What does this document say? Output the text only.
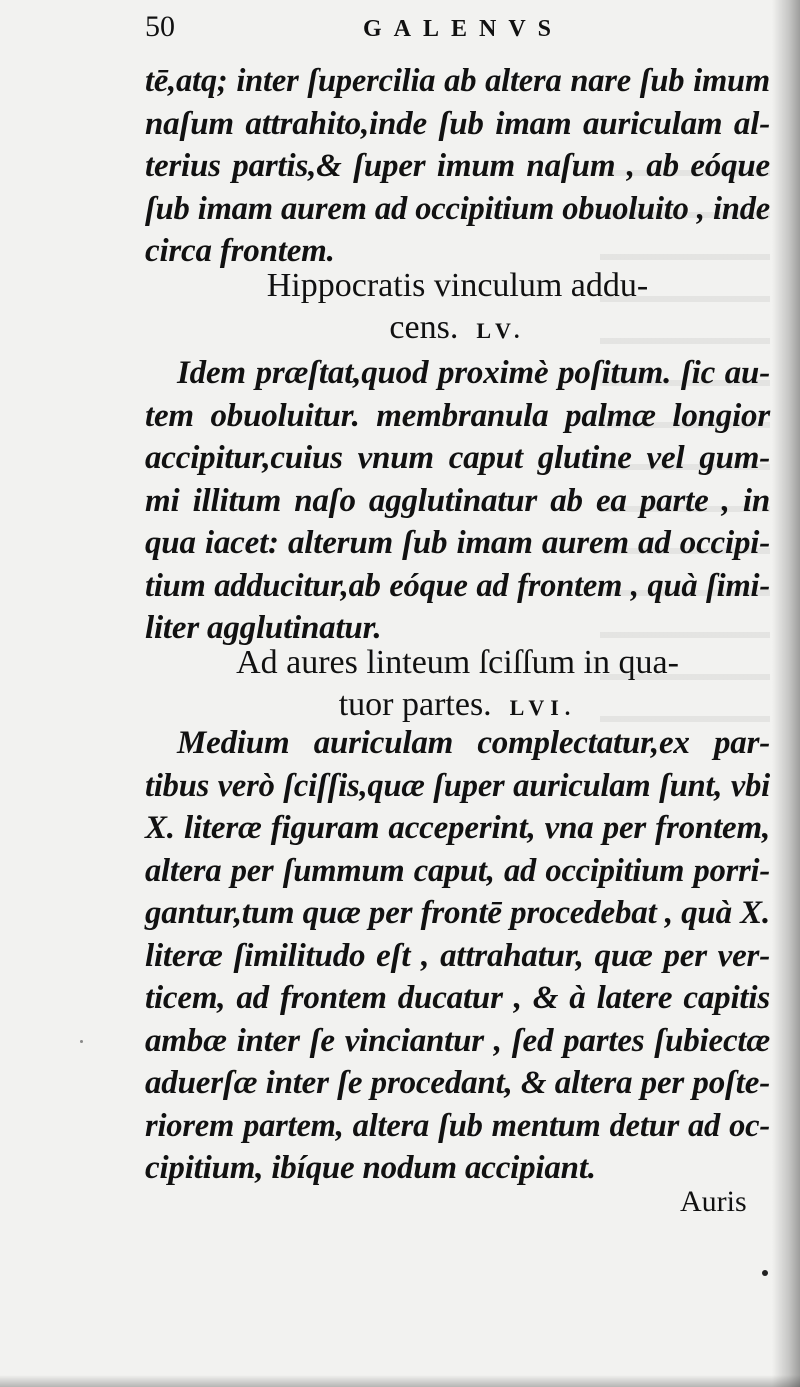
50	GALENVS
tē,atq; inter ſupercilia ab altera nare ſub imum
naſum attrahito,inde ſub imam auriculam al-
terius partis,& ſuper imum naſum , ab eóque
ſub imam aurem ad occipitium obuoluito , inde
circa frontem.
Hippocratis vinculum addu-
cens. LV.
Idem præſtat,quod proximè poſitum. ſic au-
tem obuoluitur. membranula palmæ longior
accipitur,cuius vnum caput glutine vel gum-
mi illitum naſo agglutinatur ab ea parte , in
qua iacet: alterum ſub imam aurem ad occipi-
tium adducitur,ab eóque ad frontem , quà ſimi-
liter agglutinatur.
Ad aures linteum ſciſſum in qua-
tuor partes. LVI.
Medium auriculam complectatur,ex par-
tibus verò ſciſſis,quæ ſuper auriculam ſunt, vbi
X. literæ figuram acceperint, vna per frontem,
altera per ſummum caput, ad occipitium porri-
gantur,tum quæ per frontē procedebat , quà X.
literæ ſimilitudo eſt , attrahatur, quæ per ver-
ticem, ad frontem ducatur , & à latere capitis
ambæ inter ſe vinciantur , ſed partes ſubiectæ
aduerſæ inter ſe procedant, & altera per poſte-
riorem partem, altera ſub mentum detur ad oc-
cipitium, ibíque nodum accipiant.
Auris
